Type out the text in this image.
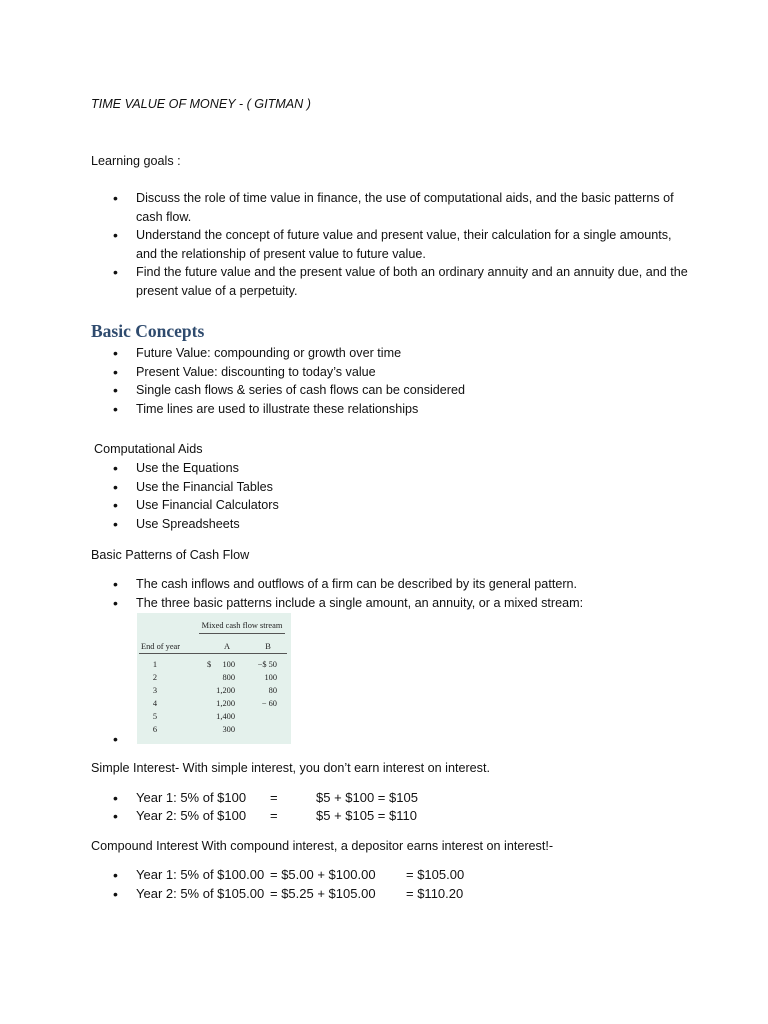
TIME VALUE OF MONEY - ( GITMAN )
Learning goals :
• Discuss the role of time value in finance, the use of computational aids, and the basic patterns of cash flow.
• Understand the concept of future value and present value, their calculation for a single amounts, and the relationship of present value to future value.
• Find the future value and the present value of both an ordinary annuity and an annuity due, and the present value of a perpetuity.
Basic Concepts
• Future Value: compounding or growth over time
• Present Value: discounting to today’s value
• Single cash flows & series of cash flows can be considered
• Time lines are used to illustrate these relationships
Computational Aids
• Use the Equations
• Use the Financial Tables
• Use Financial Calculators
• Use Spreadsheets
Basic Patterns of Cash Flow
• The cash inflows and outflows of a firm can be described by its general pattern.
• The three basic patterns include a single amount, an annuity, or a mixed stream:
Mixed cash flow stream
End of year	A	B
1	$	100	−$ 50
2	800	100
3	1,200	80
4	1,200	− 60
5	1,400
6	300
•
Simple Interest- With simple interest, you don’t earn interest on interest.
• Year 1: 5% of $100 =	$5 + $100 = $105
• Year 2: 5% of $100 =	$5 + $105 = $110
Compound Interest With compound interest, a depositor earns interest on interest!-
• Year 1: 5% of $100.00 = $5.00 + $100.00 = $105.00
• Year 2: 5% of $105.00 = $5.25 + $105.00 = $110.20
